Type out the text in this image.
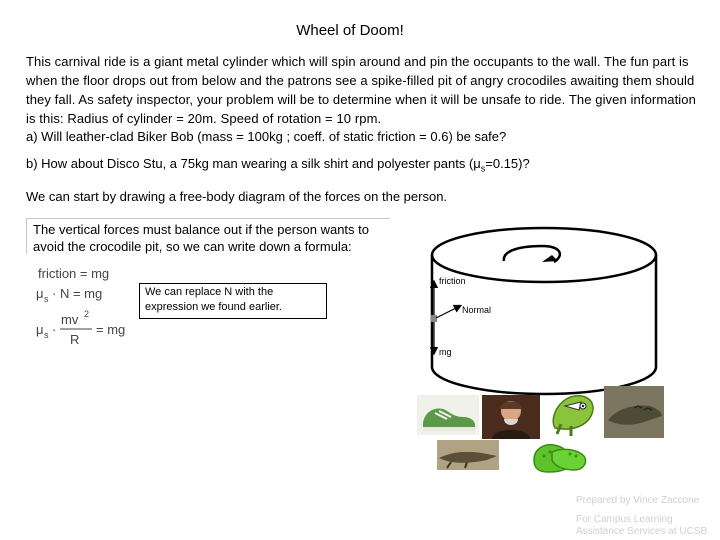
Wheel of Doom!
This carnival ride is a giant metal cylinder which will spin around and pin the occupants to the wall. The fun part is when the floor drops out from below and the patrons see a spike-filled pit of angry crocodiles awaiting them should they fall. As safety inspector, your problem will be to determine when it will be unsafe to ride. The given information is this: Radius of cylinder = 20m. Speed of rotation = 10 rpm.
a) Will leather-clad Biker Bob (mass = 100kg ; coeff. of static friction = 0.6) be safe?
b) How about Disco Stu, a 75kg man wearing a silk shirt and polyester pants $(\mu_s=0.15)$?
We can start by drawing a free-body diagram of the forces on the person.
The vertical forces must balance out if the person wants to avoid the crocodile pit, so we can write down a formula:
friction = mg
μ s · N = mg
μ s ·
mv 2
R
= mg
We can replace N with the expression we found earlier.
friction
Normal
mg
Prepared by Vince Zaccone
For Campus Learning Assistance Services at UCSB
